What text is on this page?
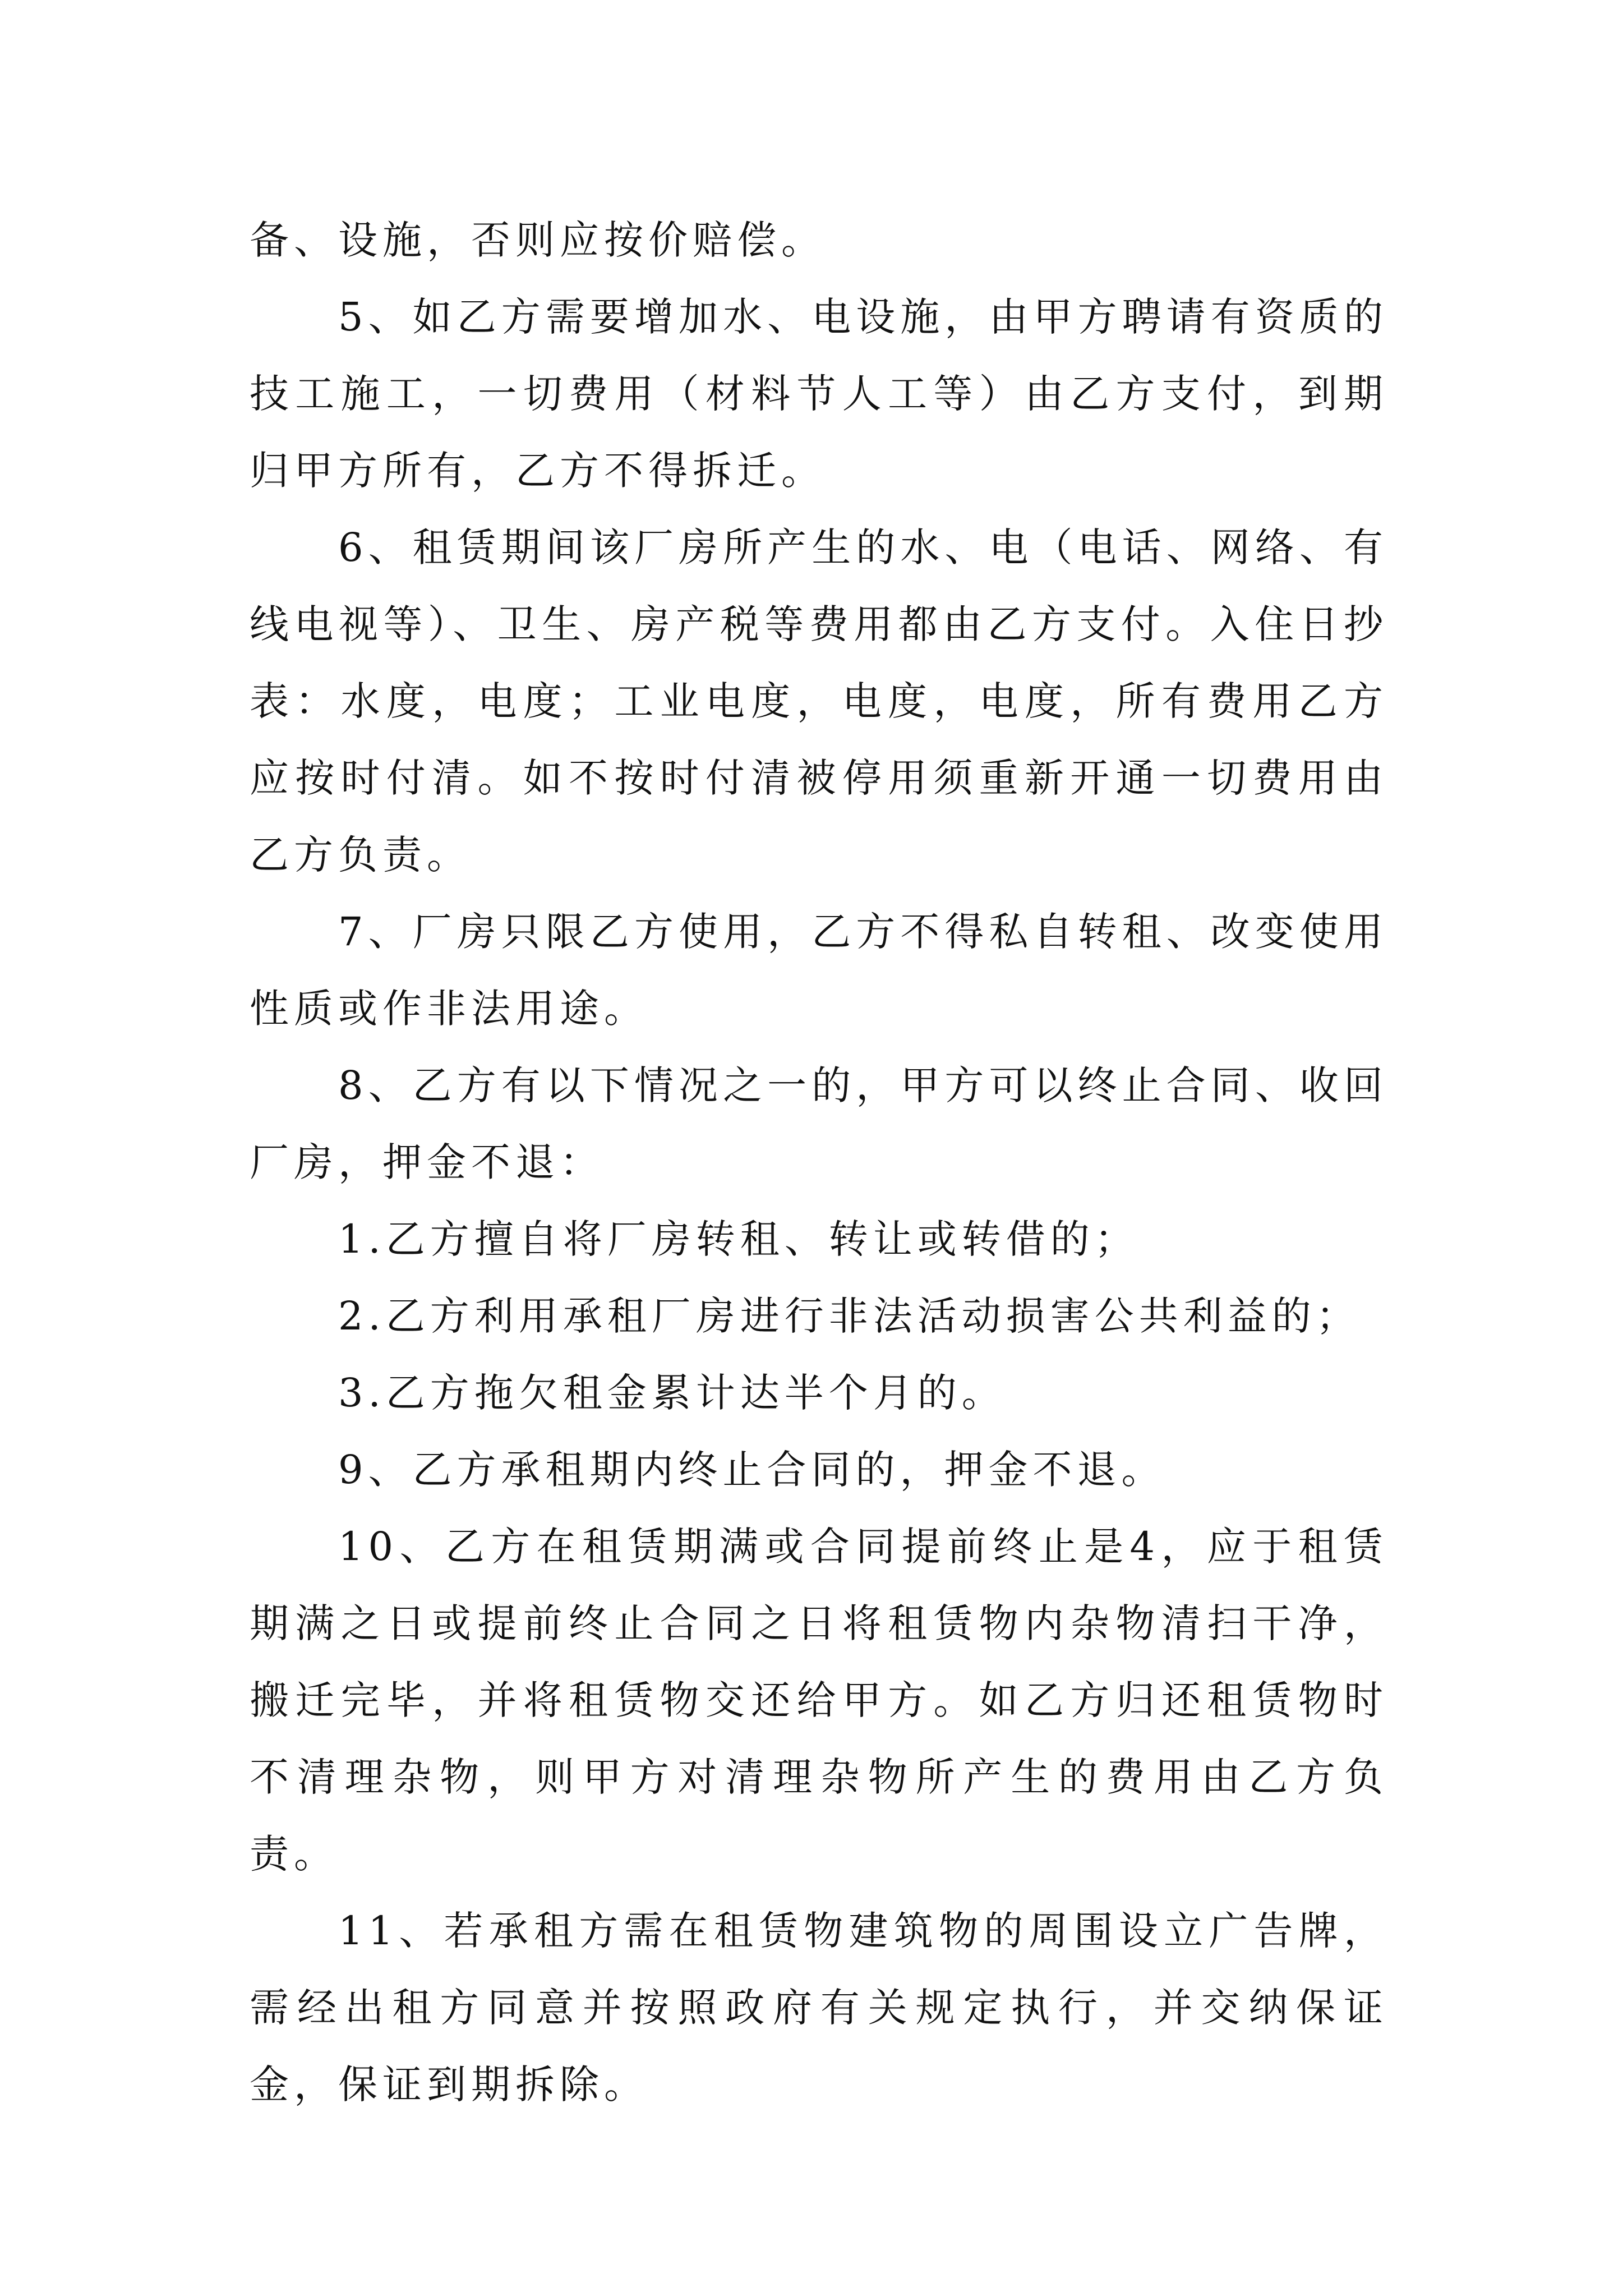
备、设施，否则应按价赔偿。

5、如乙方需要增加水、电设施，由甲方聘请有资质的技工施工，一切费用（材料节人工等）由乙方支付，到期归甲方所有，乙方不得拆迁。

6、租赁期间该厂房所产生的水、电（电话、网络、有线电视等）、卫生、房产税等费用都由乙方支付。入住日抄表：水度，电度；工业电度，电度，电度，所有费用乙方应按时付清。如不按时付清被停用须重新开通一切费用由乙方负责。

7、厂房只限乙方使用，乙方不得私自转租、改变使用性质或作非法用途。

8、乙方有以下情况之一的，甲方可以终止合同、收回厂房，押金不退：

1.乙方擅自将厂房转租、转让或转借的；

2.乙方利用承租厂房进行非法活动损害公共利益的；

3.乙方拖欠租金累计达半个月的。

9、乙方承租期内终止合同的，押金不退。

10、乙方在租赁期满或合同提前终止是4，应于租赁期满之日或提前终止合同之日将租赁物内杂物清扫干净，搬迁完毕，并将租赁物交还给甲方。如乙方归还租赁物时不清理杂物，则甲方对清理杂物所产生的费用由乙方负责。

11、若承租方需在租赁物建筑物的周围设立广告牌，需经出租方同意并按照政府有关规定执行，并交纳保证金，保证到期拆除。
